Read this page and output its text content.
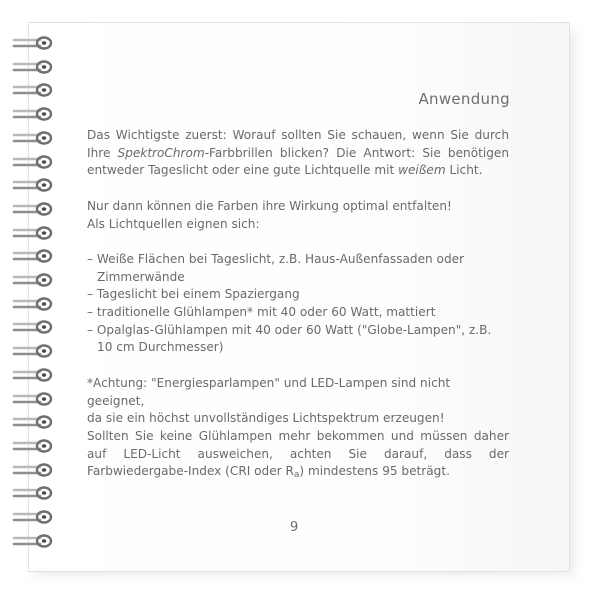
Anwendung

Das Wichtigste zuerst: Worauf sollten Sie schauen, wenn Sie durch Ihre SpektroChrom-Farbbrillen blicken? Die Antwort: Sie benötigen entweder Tageslicht oder eine gute Lichtquelle mit weißem Licht.

Nur dann können die Farben ihre Wirkung optimal entfalten!

Als Lichtquellen eignen sich:

– Weiße Flächen bei Tageslicht, z.B. Haus-Außenfassaden oder Zimmerwände

– Tageslicht bei einem Spaziergang

– traditionelle Glühlampen* mit 40 oder 60 Watt, mattiert

– Opalglas-Glühlampen mit 40 oder 60 Watt ("Globe-Lampen", z.B. 10 cm Durchmesser)

*Achtung: "Energiesparlampen" und LED-Lampen sind nicht geeignet,

da sie ein höchst unvollständiges Lichtspektrum erzeugen!

Sollten Sie keine Glühlampen mehr bekommen und müssen daher auf LED-Licht ausweichen, achten Sie darauf, dass der Farbwiedergabe-Index (CRI oder $R_a$) mindestens 95 beträgt.

9
